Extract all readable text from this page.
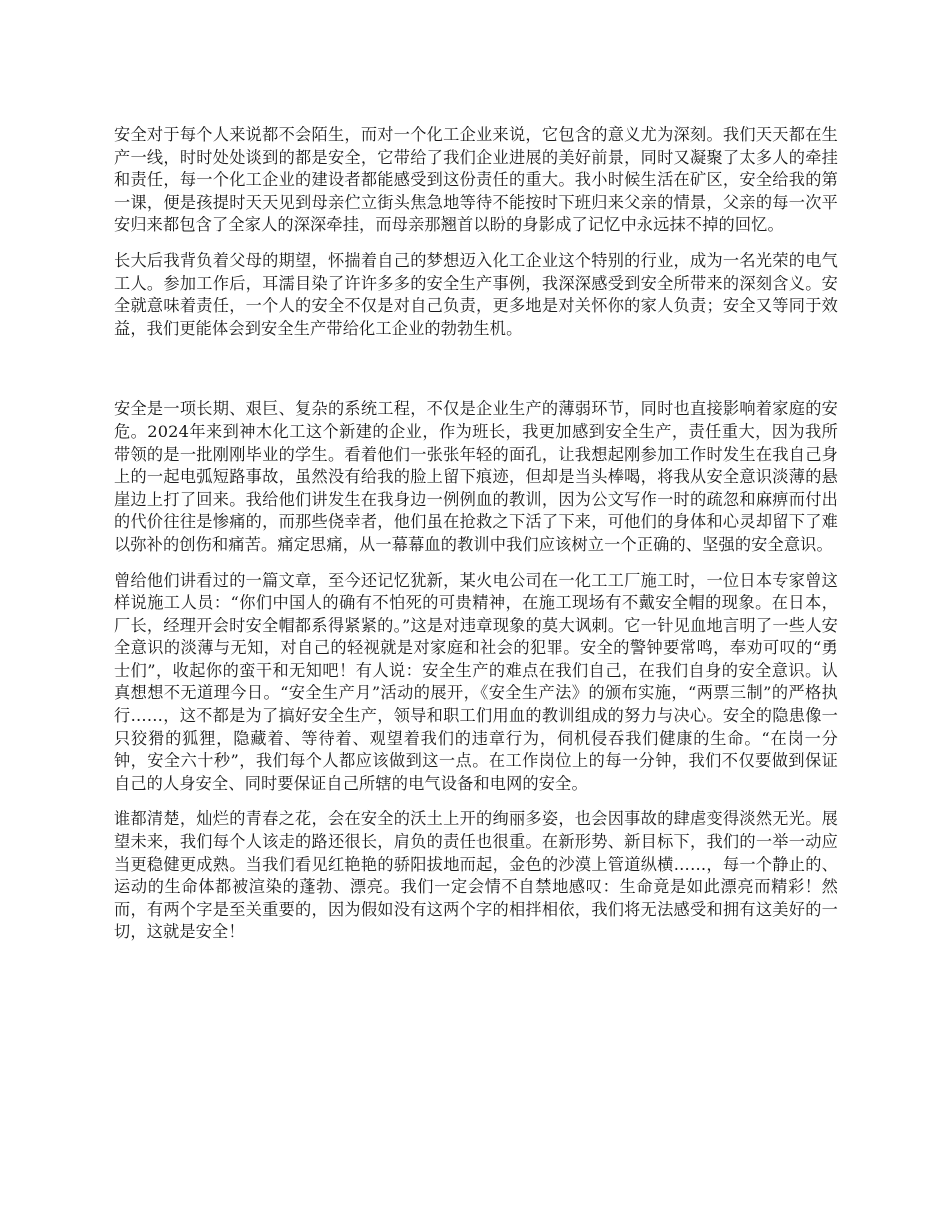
安全对于每个人来说都不会陌生，而对一个化工企业来说，它包含的意义尤为深刻。我们天天都在生产一线，时时处处谈到的都是安全，它带给了我们企业进展的美好前景，同时又凝聚了太多人的牵挂和责任，每一个化工企业的建设者都能感受到这份责任的重大。我小时候生活在矿区，安全给我的第一课，便是孩提时天天见到母亲伫立街头焦急地等待不能按时下班归来父亲的情景，父亲的每一次平安归来都包含了全家人的深深牵挂，而母亲那翘首以盼的身影成了记忆中永远抹不掉的回忆。

长大后我背负着父母的期望，怀揣着自己的梦想迈入化工企业这个特别的行业，成为一名光荣的电气工人。参加工作后，耳濡目染了许许多多的安全生产事例，我深深感受到安全所带来的深刻含义。安全就意味着责任，一个人的安全不仅是对自己负责，更多地是对关怀你的家人负责；安全又等同于效益，我们更能体会到安全生产带给化工企业的勃勃生机。

安全是一项长期、艰巨、复杂的系统工程，不仅是企业生产的薄弱环节，同时也直接影响着家庭的安危。2024年来到神木化工这个新建的企业，作为班长，我更加感到安全生产，责任重大，因为我所带领的是一批刚刚毕业的学生。看着他们一张张年轻的面孔，让我想起刚参加工作时发生在我自己身上的一起电弧短路事故，虽然没有给我的脸上留下痕迹，但却是当头棒喝，将我从安全意识淡薄的悬崖边上打了回来。我给他们讲发生在我身边一例例血的教训，因为公文写作一时的疏忽和麻痹而付出的代价往往是惨痛的，而那些侥幸者，他们虽在抢救之下活了下来，可他们的身体和心灵却留下了难以弥补的创伤和痛苦。痛定思痛，从一幕幕血的教训中我们应该树立一个正确的、坚强的安全意识。

曾给他们讲看过的一篇文章，至今还记忆犹新，某火电公司在一化工工厂施工时，一位日本专家曾这样说施工人员：“你们中国人的确有不怕死的可贵精神，在施工现场有不戴安全帽的现象。在日本，厂长，经理开会时安全帽都系得紧紧的。”这是对违章现象的莫大讽刺。它一针见血地言明了一些人安全意识的淡薄与无知，对自己的轻视就是对家庭和社会的犯罪。安全的警钟要常鸣，奉劝可叹的“勇士们”，收起你的蛮干和无知吧！有人说：安全生产的难点在我们自己，在我们自身的安全意识。认真想想不无道理今日。“安全生产月”活动的展开，《安全生产法》的颁布实施，“两票三制”的严格执行……，这不都是为了搞好安全生产，领导和职工们用血的教训组成的努力与决心。安全的隐患像一只狡猾的狐狸，隐藏着、等待着、观望着我们的违章行为，伺机侵吞我们健康的生命。“在岗一分钟，安全六十秒”，我们每个人都应该做到这一点。在工作岗位上的每一分钟，我们不仅要做到保证自己的人身安全、同时要保证自己所辖的电气设备和电网的安全。

谁都清楚，灿烂的青春之花，会在安全的沃土上开的绚丽多姿，也会因事故的肆虐变得淡然无光。展望未来，我们每个人该走的路还很长，肩负的责任也很重。在新形势、新目标下，我们的一举一动应当更稳健更成熟。当我们看见红艳艳的骄阳拔地而起，金色的沙漠上管道纵横……，每一个静止的、运动的生命体都被渲染的蓬勃、漂亮。我们一定会情不自禁地感叹：生命竟是如此漂亮而精彩！然而，有两个字是至关重要的，因为假如没有这两个字的相拌相依，我们将无法感受和拥有这美好的一切，这就是安全！
